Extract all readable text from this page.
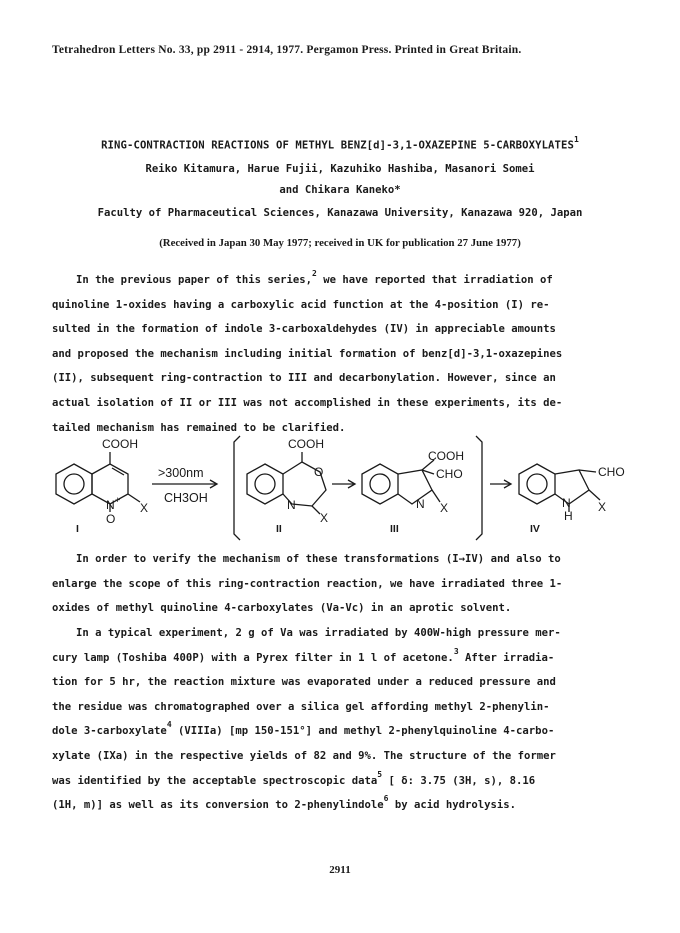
Tetrahedron Letters No. 33, pp 2911 - 2914, 1977. Pergamon Press. Printed in Great Britain.
RING-CONTRACTION REACTIONS OF METHYL BENZ[d]-3,1-OXAZEPINE 5-CARBOXYLATES$^1$
Reiko Kitamura, Harue Fujii, Kazuhiko Hashiba, Masanori Somei
and Chikara Kaneko*
Faculty of Pharmaceutical Sciences, Kanazawa University, Kanazawa 920, Japan
(Received in Japan 30 May 1977; received in UK for publication 27 June 1977)
In the previous paper of this series,$^2$ we have reported that irradiation of
quinoline 1-oxides having a carboxylic acid function at the 4-position (I) re-
sulted in the formation of indole 3-carboxaldehydes (IV) in appreciable amounts
and proposed the mechanism including initial formation of benz[d]-3,1-oxazepines
(II), subsequent ring-contraction to III and decarbonylation. However, since an
actual isolation of II or III was not accomplished in these experiments, its de-
tailed mechanism has remained to be clarified.
COOH
N +
O
X
>300nm
CH3OH
COOH
N
O
X
COOH
CHO
N X
CHO
N
H
X
I	II	III	IV
In order to verify the mechanism of these transformations (I→IV) and also to
enlarge the scope of this ring-contraction reaction, we have irradiated three 1-
oxides of methyl quinoline 4-carboxylates (Va-Vc) in an aprotic solvent.
In a typical experiment, 2 g of Va was irradiated by 400W-high pressure mer-
cury lamp (Toshiba 400P) with a Pyrex filter in 1 l of acetone.$^3$ After irradia-
tion for 5 hr, the reaction mixture was evaporated under a reduced pressure and
the residue was chromatographed over a silica gel affording methyl 2-phenylin-
dole 3-carboxylate$^4$ (VIIIa) [mp 150-151°] and methyl 2-phenylquinoline 4-carbo-
xylate (IXa) in the respective yields of 82 and 9%. The structure of the former
was identified by the acceptable spectroscopic data$^5$ [ δ: 3.75 (3H, s), 8.16
(1H, m)] as well as its conversion to 2-phenylindole$^6$ by acid hydrolysis.
2911
